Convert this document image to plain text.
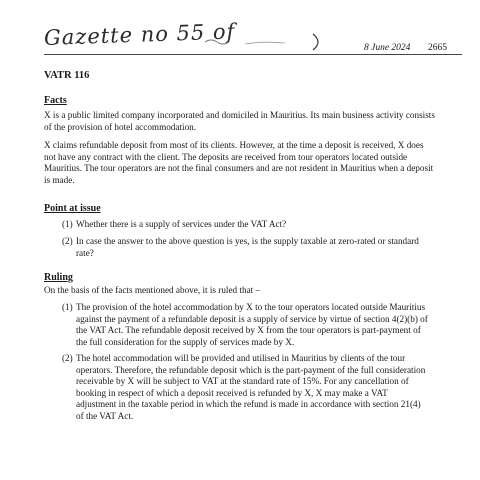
Gazette no 55 of	8 June 2024 2665
VATR 116
Facts

X is a public limited company incorporated and domiciled in Mauritius. Its main business activity consists of the provision of hotel accommodation.

X claims refundable deposit from most of its clients. However, at the time a deposit is received, X does not have any contract with the client. The deposits are received from tour operators located outside Mauritius. The tour operators are not the final consumers and are not resident in Mauritius when a deposit is made.

Point at issue
(1) Whether there is a supply of services under the VAT Act?
(2) In case the answer to the above question is yes, is the supply taxable at zero-rated or standard rate?
Ruling

On the basis of the facts mentioned above, it is ruled that –

(1) The provision of the hotel accommodation by X to the tour operators located outside Mauritius against the payment of a refundable deposit is a supply of service by virtue of section 4(2)(b) of the VAT Act. The refundable deposit received by X from the tour operators is part-payment of the full consideration for the supply of services made by X.
(2) The hotel accommodation will be provided and utilised in Mauritius by clients of the tour operators. Therefore, the refundable deposit which is the part-payment of the full consideration receivable by X will be subject to VAT at the standard rate of 15%. For any cancellation of booking in respect of which a deposit received is refunded by X, X may make a VAT adjustment in the taxable period in which the refund is made in accordance with section 21(4) of the VAT Act.
